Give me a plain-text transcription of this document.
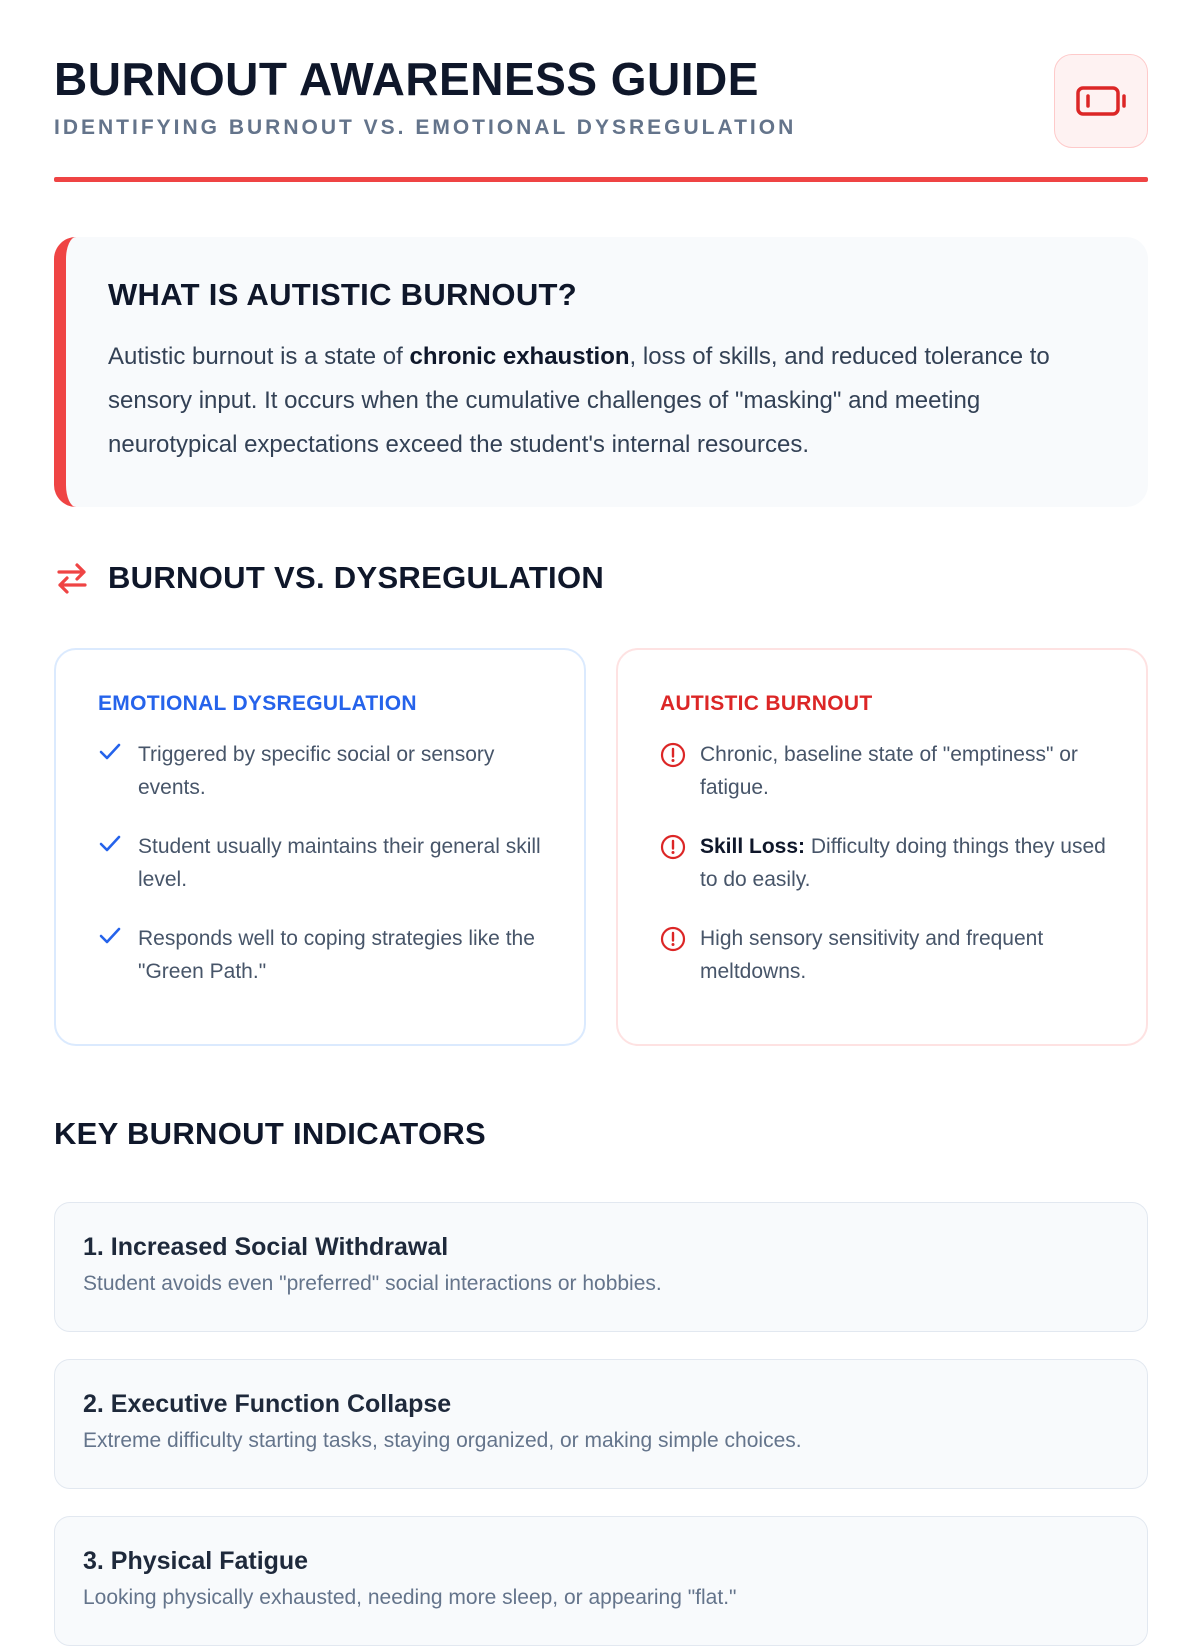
BURNOUT AWARENESS GUIDE

IDENTIFYING BURNOUT VS. EMOTIONAL DYSREGULATION

WHAT IS AUTISTIC BURNOUT?

Autistic burnout is a state of chronic exhaustion, loss of skills, and reduced tolerance to sensory input. It occurs when the cumulative challenges of "masking" and meeting neurotypical expectations exceed the student's internal resources.

BURNOUT VS. DYSREGULATION
EMOTIONAL DYSREGULATION
Triggered by specific social or sensory events.
Student usually maintains their general skill level.
Responds well to coping strategies like the "Green Path."
AUTISTIC BURNOUT
Chronic, baseline state of "emptiness" or fatigue.
Skill Loss: Difficulty doing things they used to do easily.
High sensory sensitivity and frequent meltdowns.
KEY BURNOUT INDICATORS
1. Increased Social Withdrawal

Student avoids even "preferred" social interactions or hobbies.

2. Executive Function Collapse

Extreme difficulty starting tasks, staying organized, or making simple choices.

3. Physical Fatigue

Looking physically exhausted, needing more sleep, or appearing "flat."
